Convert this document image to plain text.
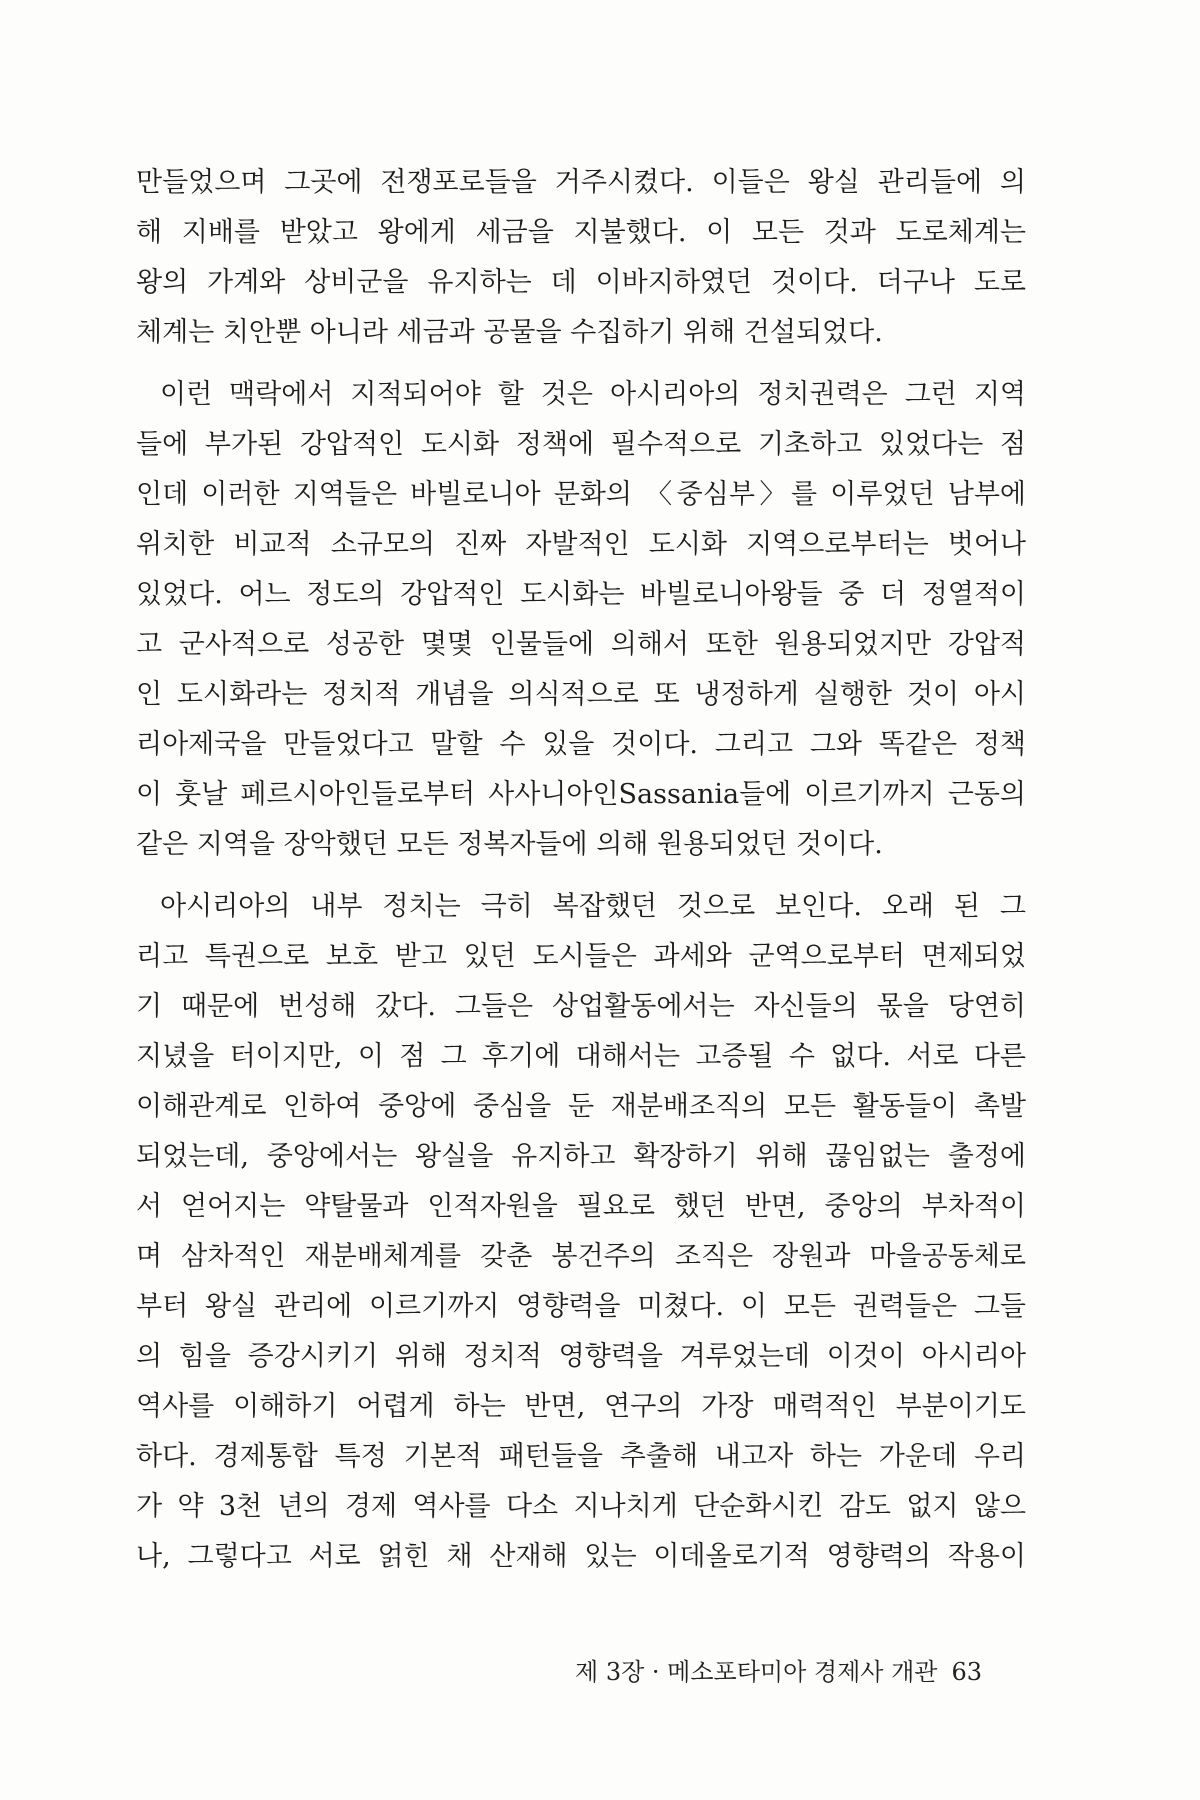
만들었으며 그곳에 전쟁포로들을 거주시켰다. 이들은 왕실 관리들에 의
해 지배를 받았고 왕에게 세금을 지불했다. 이 모든 것과 도로체계는
왕의 가계와 상비군을 유지하는 데 이바지하였던 것이다. 더구나 도로
체계는 치안뿐 아니라 세금과 공물을 수집하기 위해 건설되었다.
이런 맥락에서 지적되어야 할 것은 아시리아의 정치권력은 그런 지역
들에 부가된 강압적인 도시화 정책에 필수적으로 기초하고 있었다는 점
인데 이러한 지역들은 바빌로니아 문화의 〈중심부〉를 이루었던 남부에
위치한 비교적 소규모의 진짜 자발적인 도시화 지역으로부터는 벗어나
있었다. 어느 정도의 강압적인 도시화는 바빌로니아왕들 중 더 정열적이
고 군사적으로 성공한 몇몇 인물들에 의해서 또한 원용되었지만 강압적
인 도시화라는 정치적 개념을 의식적으로 또 냉정하게 실행한 것이 아시
리아제국을 만들었다고 말할 수 있을 것이다. 그리고 그와 똑같은 정책
이 훗날 페르시아인들로부터 사사니아인Sassania들에 이르기까지 근동의
같은 지역을 장악했던 모든 정복자들에 의해 원용되었던 것이다.
아시리아의 내부 정치는 극히 복잡했던 것으로 보인다. 오래 된 그
리고 특권으로 보호 받고 있던 도시들은 과세와 군역으로부터 면제되었
기 때문에 번성해 갔다. 그들은 상업활동에서는 자신들의 몫을 당연히
지녔을 터이지만, 이 점 그 후기에 대해서는 고증될 수 없다. 서로 다른
이해관계로 인하여 중앙에 중심을 둔 재분배조직의 모든 활동들이 촉발
되었는데, 중앙에서는 왕실을 유지하고 확장하기 위해 끊임없는 출정에
서 얻어지는 약탈물과 인적자원을 필요로 했던 반면, 중앙의 부차적이
며 삼차적인 재분배체계를 갖춘 봉건주의 조직은 장원과 마을공동체로
부터 왕실 관리에 이르기까지 영향력을 미쳤다. 이 모든 권력들은 그들
의 힘을 증강시키기 위해 정치적 영향력을 겨루었는데 이것이 아시리아
역사를 이해하기 어렵게 하는 반면, 연구의 가장 매력적인 부분이기도
하다. 경제통합 특정 기본적 패턴들을 추출해 내고자 하는 가운데 우리
가 약 3천 년의 경제 역사를 다소 지나치게 단순화시킨 감도 없지 않으
나, 그렇다고 서로 얽힌 채 산재해 있는 이데올로기적 영향력의 작용이
제 3장 · 메소포타미아 경제사 개관 63
